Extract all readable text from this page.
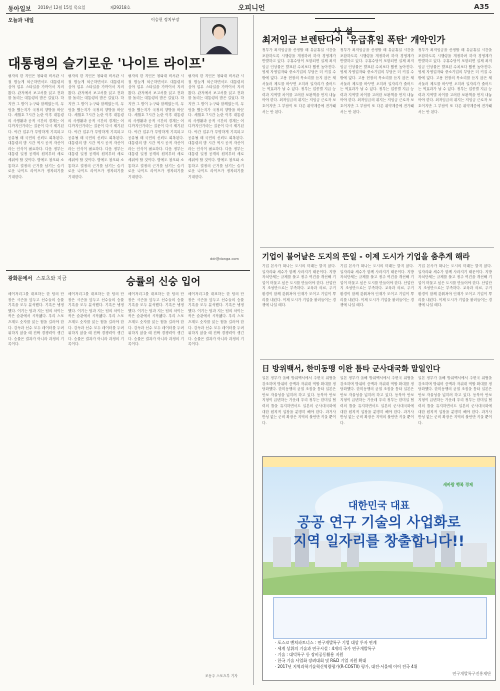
동아일보 2016년 12월 15일 목요일	제29218호	오피니언	A35
오늘과 내일	이승헌 정치부장
대통령의 슬기로운 '나이트 라이프'
필자의 한 지인은 청와대 비서관 시절 밤늦게 퇴근하면서도 대통령의 심야 업무 스타일을 가까이서 지켜봤다. 관저에서 보고서를 읽고 전화를 돌리는 대통령의 밤은 길었다. 하지만 그 밤이 누구와 함께였는지, 무엇을 했는지가 국정의 향방을 바꾼다. 세월호 7시간 논란 이후 대통령의 사생활과 공적 시간의 경계는 어디까지인가라는 질문이 다시 제기된다. 야간 업무가 투명하게 기록되고 공유될 때 국민의 신뢰도 회복된다. 대통령의 밤 시간 역시 공적 자산이라는 인식이 필요하다. 다음 정부는 대통령 일정 공개의 원칙부터 새로 세워야 할 것이다. 밤에도 참모와 소통하고 결정의 근거를 남기는 슬기로운 나이트 라이프가 정착되기를 기대한다.
필자의 한 지인은 청와대 비서관 시절 밤늦게 퇴근하면서도 대통령의 심야 업무 스타일을 가까이서 지켜봤다. 관저에서 보고서를 읽고 전화를 돌리는 대통령의 밤은 길었다. 하지만 그 밤이 누구와 함께였는지, 무엇을 했는지가 국정의 향방을 바꾼다. 세월호 7시간 논란 이후 대통령의 사생활과 공적 시간의 경계는 어디까지인가라는 질문이 다시 제기된다. 야간 업무가 투명하게 기록되고 공유될 때 국민의 신뢰도 회복된다. 대통령의 밤 시간 역시 공적 자산이라는 인식이 필요하다. 다음 정부는 대통령 일정 공개의 원칙부터 새로 세워야 할 것이다. 밤에도 참모와 소통하고 결정의 근거를 남기는 슬기로운 나이트 라이프가 정착되기를 기대한다.
필자의 한 지인은 청와대 비서관 시절 밤늦게 퇴근하면서도 대통령의 심야 업무 스타일을 가까이서 지켜봤다. 관저에서 보고서를 읽고 전화를 돌리는 대통령의 밤은 길었다. 하지만 그 밤이 누구와 함께였는지, 무엇을 했는지가 국정의 향방을 바꾼다. 세월호 7시간 논란 이후 대통령의 사생활과 공적 시간의 경계는 어디까지인가라는 질문이 다시 제기된다. 야간 업무가 투명하게 기록되고 공유될 때 국민의 신뢰도 회복된다. 대통령의 밤 시간 역시 공적 자산이라는 인식이 필요하다. 다음 정부는 대통령 일정 공개의 원칙부터 새로 세워야 할 것이다. 밤에도 참모와 소통하고 결정의 근거를 남기는 슬기로운 나이트 라이프가 정착되기를 기대한다.
필자의 한 지인은 청와대 비서관 시절 밤늦게 퇴근하면서도 대통령의 심야 업무 스타일을 가까이서 지켜봤다. 관저에서 보고서를 읽고 전화를 돌리는 대통령의 밤은 길었다. 하지만 그 밤이 누구와 함께였는지, 무엇을 했는지가 국정의 향방을 바꾼다. 세월호 7시간 논란 이후 대통령의 사생활과 공적 시간의 경계는 어디까지인가라는 질문이 다시 제기된다. 야간 업무가 투명하게 기록되고 공유될 때 국민의 신뢰도 회복된다. 대통령의 밤 시간 역시 공적 자산이라는 인식이 필요하다. 다음 정부는 대통령 일정 공개의 원칙부터 새로 세워야 할 것이다. 밤에도 참모와 소통하고 결정의 근거를 남기는 슬기로운 나이트 라이프가 정착되기를 기대한다.
ddr@donga.com
광화문에서 스포츠와 지금	승률의 신숭 입어
메이저리그를 대표하는 한 팀의 단장은 시즌을 앞두고 선수들의 승률 기록을 모두 분석했다. 기록은 냉정했다. 이기는 팀과 지는 팀의 차이는 작은 습관에서 시작됐다. 우리 스포츠계도 숫자를 읽는 힘을 길러야 한다. 감독과 선수 모두 데이터를 두려워하지 않을 때 진짜 경쟁력이 생긴다. 승률은 결과가 아니라 과정의 기록이다.
메이저리그를 대표하는 한 팀의 단장은 시즌을 앞두고 선수들의 승률 기록을 모두 분석했다. 기록은 냉정했다. 이기는 팀과 지는 팀의 차이는 작은 습관에서 시작됐다. 우리 스포츠계도 숫자를 읽는 힘을 길러야 한다. 감독과 선수 모두 데이터를 두려워하지 않을 때 진짜 경쟁력이 생긴다. 승률은 결과가 아니라 과정의 기록이다.
메이저리그를 대표하는 한 팀의 단장은 시즌을 앞두고 선수들의 승률 기록을 모두 분석했다. 기록은 냉정했다. 이기는 팀과 지는 팀의 차이는 작은 습관에서 시작됐다. 우리 스포츠계도 숫자를 읽는 힘을 길러야 한다. 감독과 선수 모두 데이터를 두려워하지 않을 때 진짜 경쟁력이 생긴다. 승률은 결과가 아니라 과정의 기록이다.
메이저리그를 대표하는 한 팀의 단장은 시즌을 앞두고 선수들의 승률 기록을 모두 분석했다. 기록은 냉정했다. 이기는 팀과 지는 팀의 차이는 작은 습관에서 시작됐다. 우리 스포츠계도 숫자를 읽는 힘을 길러야 한다. 감독과 선수 모두 데이터를 두려워하지 않을 때 진짜 경쟁력이 생긴다. 승률은 결과가 아니라 과정의 기록이다.
조동주 스포츠부 기자
사설
최저임금 브렌탄다이 '유급휴일 폭탄' 개악인가
정부가 최저임금을 산정할 때 유급휴일 시간을 포함하도록 시행령을 개정하려 하자 경영계가 반발하고 있다. 주휴수당이 포함되면 실제 최저임금 인상률은 발표된 수치보다 훨씬 높아진다. 영세 자영업자와 중소기업의 부담은 더 커질 수밖에 없다. 고용 현장의 목소리를 듣지 않은 채 서둘러 제도를 바꾸면 오히려 일자리가 줄어드는 역효과가 날 수 있다. 정부는 업종별 지급 능력과 지역별 차이를 고려한 보완책을 먼저 내놓아야 한다. 최저임금의 취지는 저임금 근로자 보호이지만 그 부담이 또 다른 취약계층에 전가돼서는 안 된다.
정부가 최저임금을 산정할 때 유급휴일 시간을 포함하도록 시행령을 개정하려 하자 경영계가 반발하고 있다. 주휴수당이 포함되면 실제 최저임금 인상률은 발표된 수치보다 훨씬 높아진다. 영세 자영업자와 중소기업의 부담은 더 커질 수밖에 없다. 고용 현장의 목소리를 듣지 않은 채 서둘러 제도를 바꾸면 오히려 일자리가 줄어드는 역효과가 날 수 있다. 정부는 업종별 지급 능력과 지역별 차이를 고려한 보완책을 먼저 내놓아야 한다. 최저임금의 취지는 저임금 근로자 보호이지만 그 부담이 또 다른 취약계층에 전가돼서는 안 된다.
정부가 최저임금을 산정할 때 유급휴일 시간을 포함하도록 시행령을 개정하려 하자 경영계가 반발하고 있다. 주휴수당이 포함되면 실제 최저임금 인상률은 발표된 수치보다 훨씬 높아진다. 영세 자영업자와 중소기업의 부담은 더 커질 수밖에 없다. 고용 현장의 목소리를 듣지 않은 채 서둘러 제도를 바꾸면 오히려 일자리가 줄어드는 역효과가 날 수 있다. 정부는 업종별 지급 능력과 지역별 차이를 고려한 보완책을 먼저 내놓아야 한다. 최저임금의 취지는 저임금 근로자 보호이지만 그 부담이 또 다른 취약계층에 전가돼서는 안 된다.
기업이 불어날은 도지의 뜬일 - 이제 도시가 기업을 춤추게 해라
기업 본사가 떠나는 도시의 미래는 밝지 않다. 일자리와 세수가 함께 사라지기 때문이다. 지방자치단체는 규제를 풀고 정주 여건을 개선해 기업이 머물고 싶은 도시를 만들어야 한다. 산업단지 조성만으로는 부족하다. 교육과 의료, 주거 환경이 함께 갖춰져야 인재가 모이고 기업이 뿌리를 내린다. 이제 도시가 기업을 불러들이는 경쟁에 나설 때다.
기업 본사가 떠나는 도시의 미래는 밝지 않다. 일자리와 세수가 함께 사라지기 때문이다. 지방자치단체는 규제를 풀고 정주 여건을 개선해 기업이 머물고 싶은 도시를 만들어야 한다. 산업단지 조성만으로는 부족하다. 교육과 의료, 주거 환경이 함께 갖춰져야 인재가 모이고 기업이 뿌리를 내린다. 이제 도시가 기업을 불러들이는 경쟁에 나설 때다.
기업 본사가 떠나는 도시의 미래는 밝지 않다. 일자리와 세수가 함께 사라지기 때문이다. 지방자치단체는 규제를 풀고 정주 여건을 개선해 기업이 머물고 싶은 도시를 만들어야 한다. 산업단지 조성만으로는 부족하다. 교육과 의료, 주거 환경이 함께 갖춰져야 인재가 모이고 기업이 뿌리를 내린다. 이제 도시가 기업을 불러들이는 경쟁에 나설 때다.
日 방위백서, 한미동맹 이완 틈타 군사대국화 말일인다
일본 정부가 올해 방위백서에서 주변국 위협을 강조하며 방위비 증액과 자위대 역할 확대를 정당화했다. 한미동맹의 균열 조짐을 틈타 일본은 안보 자율성을 넓히려 하고 있다. 동북아 안보 지형이 급변하는 가운데 우리 정부는 한미일 협력의 틀을 유지하면서도 일본의 군사대국화에 대한 원칙적 입장을 분명히 해야 한다. 과거사 반성 없는 군비 확장은 지역의 불안만 키울 뿐이다.
일본 정부가 올해 방위백서에서 주변국 위협을 강조하며 방위비 증액과 자위대 역할 확대를 정당화했다. 한미동맹의 균열 조짐을 틈타 일본은 안보 자율성을 넓히려 하고 있다. 동북아 안보 지형이 급변하는 가운데 우리 정부는 한미일 협력의 틀을 유지하면서도 일본의 군사대국화에 대한 원칙적 입장을 분명히 해야 한다. 과거사 반성 없는 군비 확장은 지역의 불안만 키울 뿐이다.
일본 정부가 올해 방위백서에서 주변국 위협을 강조하며 방위비 증액과 자위대 역할 확대를 정당화했다. 한미동맹의 균열 조짐을 틈타 일본은 안보 자율성을 넓히려 하고 있다. 동북아 안보 지형이 급변하는 가운데 우리 정부는 한미일 협력의 틀을 유지하면서도 일본의 군사대국화에 대한 원칙적 입장을 분명히 해야 한다. 과거사 반성 없는 군비 확장은 지역의 불안만 키울 뿐이다.
새바람 행복 경제
대한민국 대표
공공 연구 기술의 사업화로
지역 일자리를 창출합니다!!
· 포스코 벤처파트너스 : 연구개발특구 기업 대상 투자 연계
· 세계 상위의 기술과 연구시설 : 4개의 국가 연구개발특구
· 기술 : 대덕특구 등 장비공동활용 지원
· 한국 기술 사업화 장려대회 및 R&D 기업 지원 확대
· 2017년 지역과학기술혁신역량평가(R-COSTII) 평가, 대전·서울에 이어 전국 4위
연구개발특구진흥재단
